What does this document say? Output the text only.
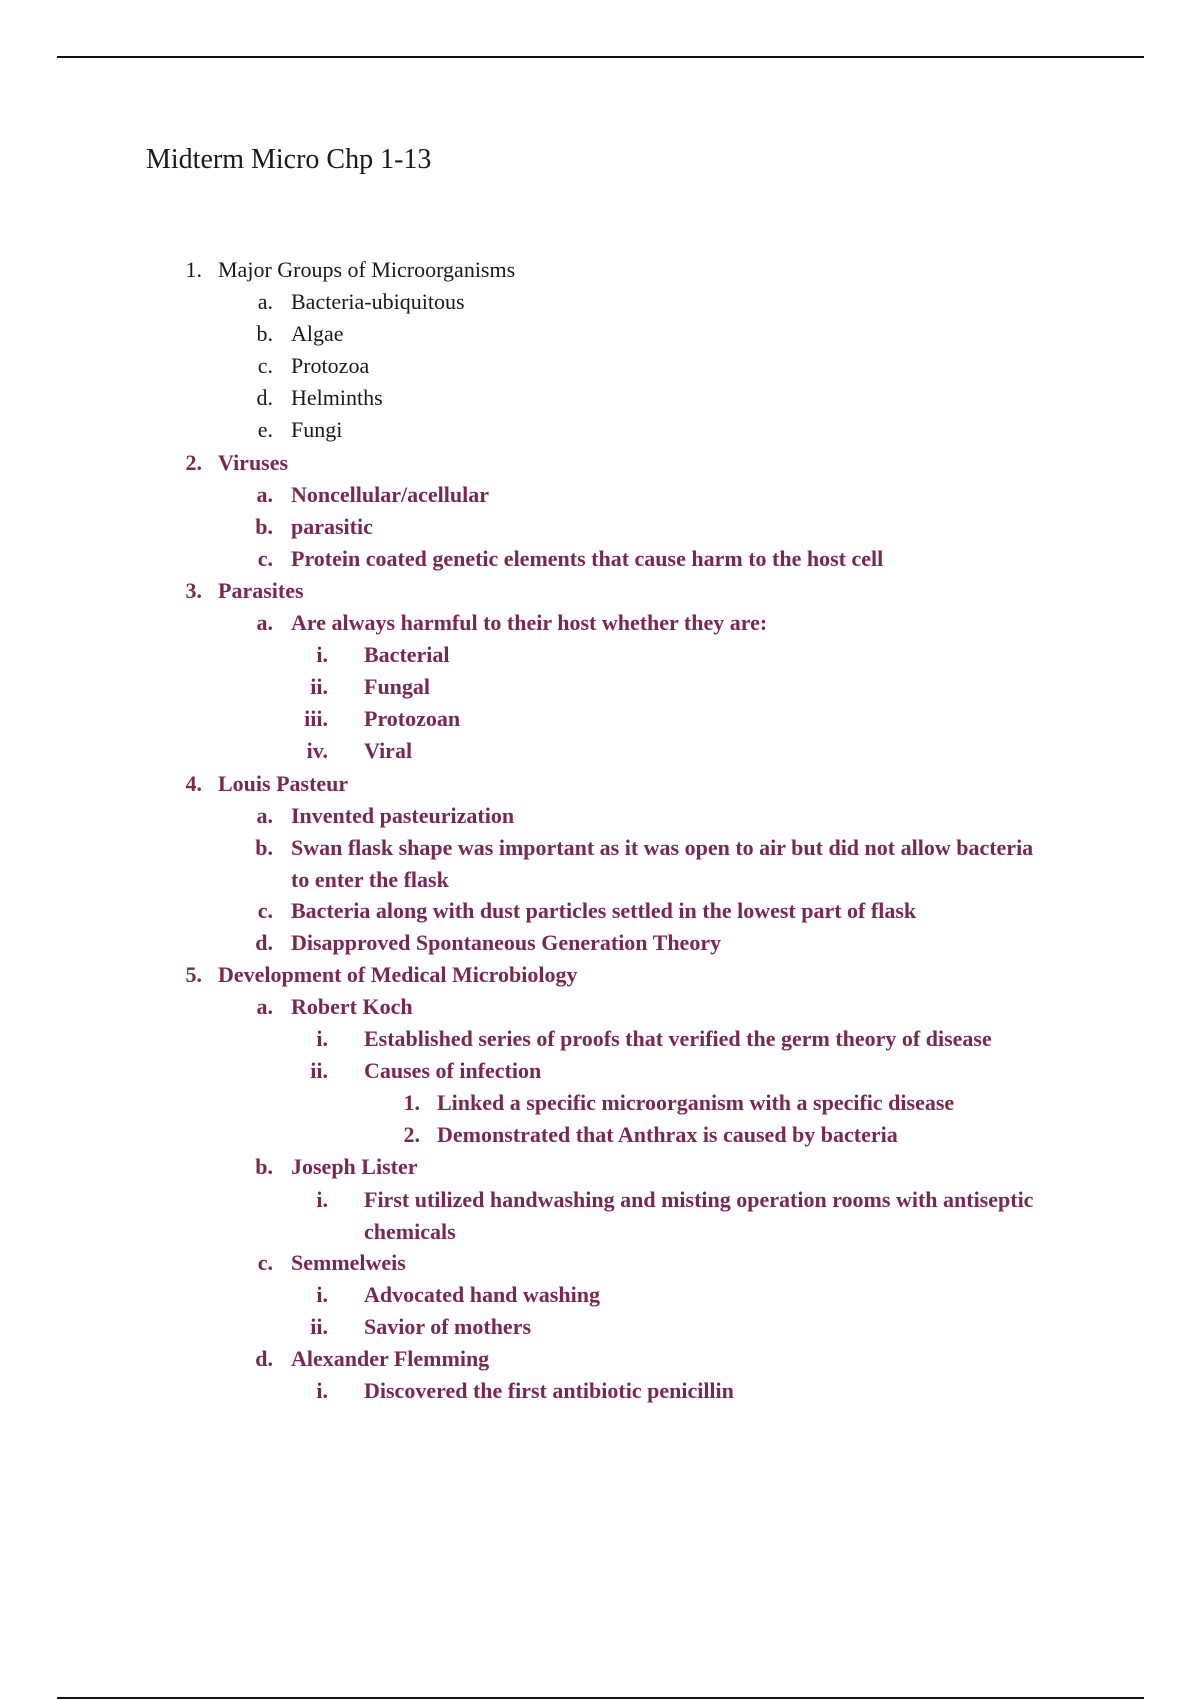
Midterm Micro Chp 1-13
1. Major Groups of Microorganisms
a. Bacteria-ubiquitous
b. Algae
c. Protozoa
d. Helminths
e. Fungi
2. Viruses
a. Noncellular/acellular
b. parasitic
c. Protein coated genetic elements that cause harm to the host cell
3. Parasites
a. Are always harmful to their host whether they are:
i. Bacterial
ii. Fungal
iii. Protozoan
iv. Viral
4. Louis Pasteur
a. Invented pasteurization
b. Swan flask shape was important as it was open to air but did not allow bacteria to enter the flask
c. Bacteria along with dust particles settled in the lowest part of flask
d. Disapproved Spontaneous Generation Theory
5. Development of Medical Microbiology
a. Robert Koch
i. Established series of proofs that verified the germ theory of disease
ii. Causes of infection
1. Linked a specific microorganism with a specific disease
2. Demonstrated that Anthrax is caused by bacteria
b. Joseph Lister
i. First utilized handwashing and misting operation rooms with antiseptic chemicals
c. Semmelweis
i. Advocated hand washing
ii. Savior of mothers
d. Alexander Flemming
i. Discovered the first antibiotic penicillin
